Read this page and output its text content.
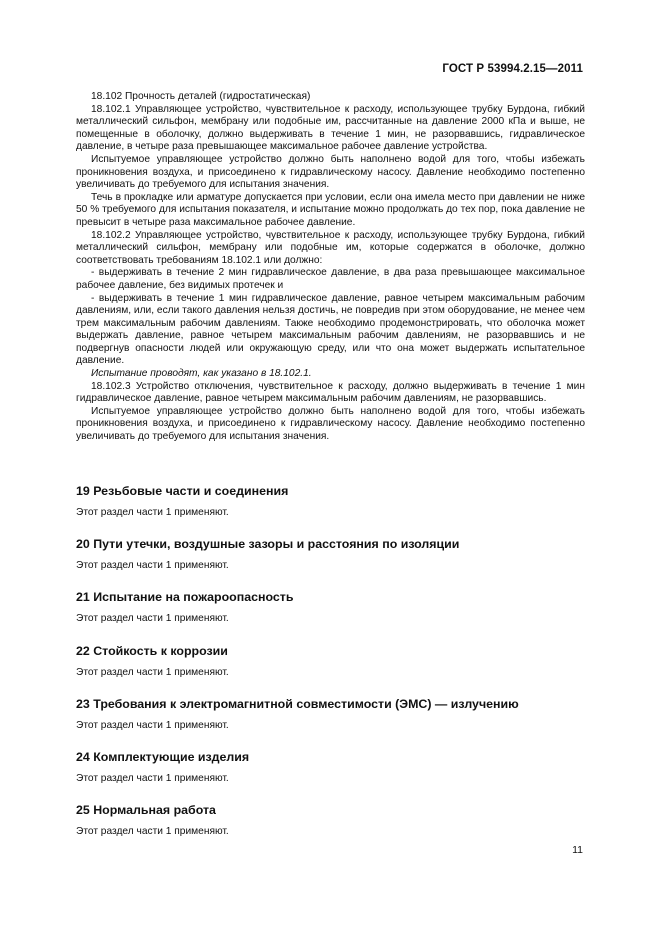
ГОСТ Р 53994.2.15—2011

18.102 Прочность деталей (гидростатическая)

18.102.1 Управляющее устройство, чувствительное к расходу, использующее трубку Бурдона, гибкий металлический сильфон, мембрану или подобные им, рассчитанные на давление 2000 кПа и выше, не помещенные в оболочку, должно выдерживать в течение 1 мин, не разорвавшись, гидравлическое давление, в четыре раза превышающее максимальное рабочее давление устройства.

Испытуемое управляющее устройство должно быть наполнено водой для того, чтобы избежать проникновения воздуха, и присоединено к гидравлическому насосу. Давление необходимо постепенно увеличивать до требуемого для испытания значения.

Течь в прокладке или арматуре допускается при условии, если она имела место при давлении не ниже 50 % требуемого для испытания показателя, и испытание можно продолжать до тех пор, пока давление не превысит в четыре раза максимальное рабочее давление.

18.102.2 Управляющее устройство, чувствительное к расходу, использующее трубку Бурдона, гибкий металлический сильфон, мембрану или подобные им, которые содержатся в оболочке, должно соответствовать требованиям 18.102.1 или должно:

- выдерживать в течение 2 мин гидравлическое давление, в два раза превышающее максимальное рабочее давление, без видимых протечек и

- выдерживать в течение 1 мин гидравлическое давление, равное четырем максимальным рабочим давлениям, или, если такого давления нельзя достичь, не повредив при этом оборудование, не менее чем трем максимальным рабочим давлениям. Также необходимо продемонстрировать, что оболочка может выдержать давление, равное четырем максимальным рабочим давлениям, не разорвавшись и не подвергнув опасности людей или окружающую среду, или что она может выдержать испытательное давление.

Испытание проводят, как указано в 18.102.1.

18.102.3 Устройство отключения, чувствительное к расходу, должно выдерживать в течение 1 мин гидравлическое давление, равное четырем максимальным рабочим давлениям, не разорвавшись.

Испытуемое управляющее устройство должно быть наполнено водой для того, чтобы избежать проникновения воздуха, и присоединено к гидравлическому насосу. Давление необходимо постепенно увеличивать до требуемого для испытания значения.

19 Резьбовые части и соединения

Этот раздел части 1 применяют.

20 Пути утечки, воздушные зазоры и расстояния по изоляции

Этот раздел части 1 применяют.

21 Испытание на пожароопасность

Этот раздел части 1 применяют.

22 Стойкость к коррозии

Этот раздел части 1 применяют.

23 Требования к электромагнитной совместимости (ЭМС) — излучению

Этот раздел части 1 применяют.

24 Комплектующие изделия

Этот раздел части 1 применяют.

25 Нормальная работа

Этот раздел части 1 применяют.

11
